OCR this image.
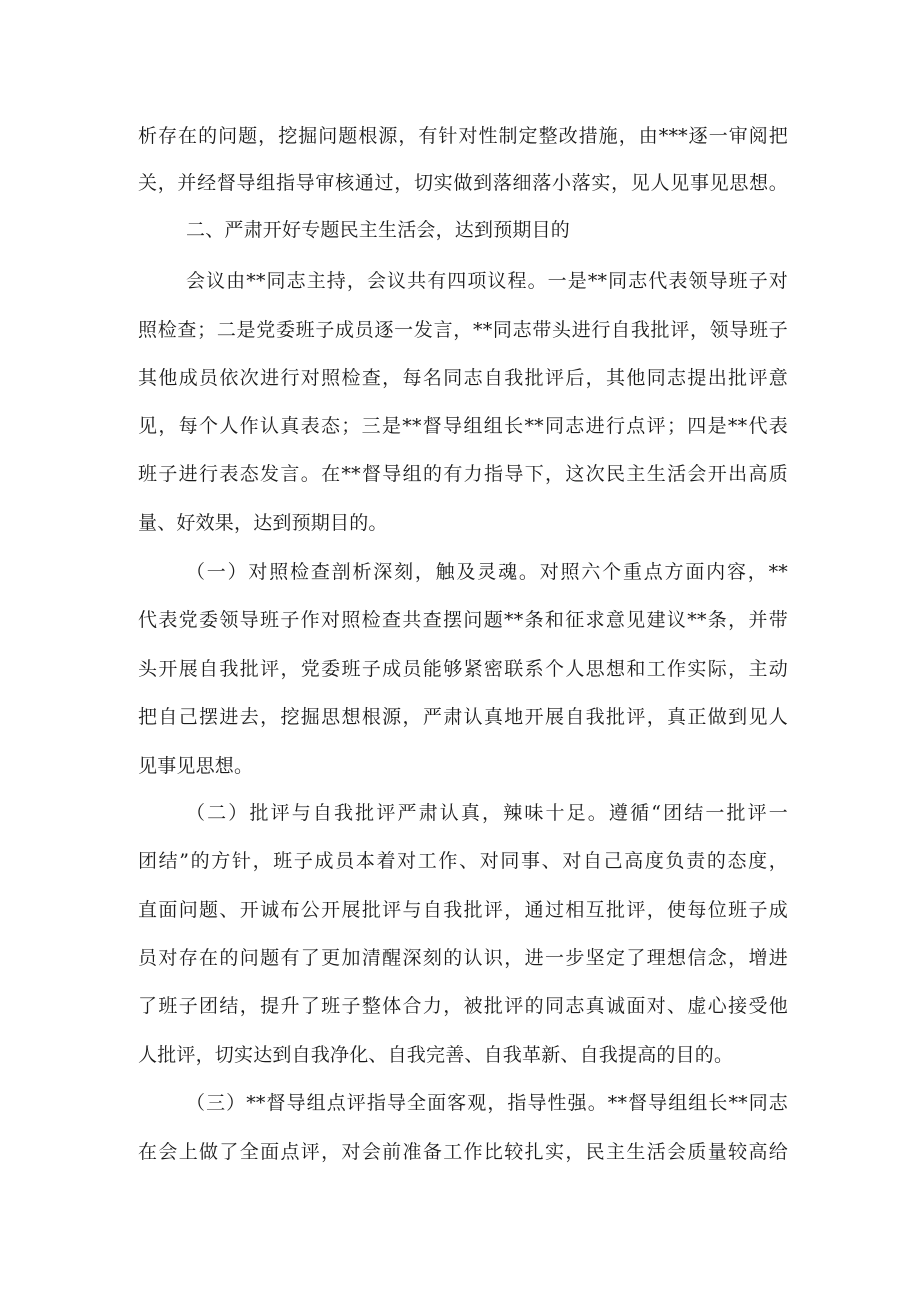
析存在的问题，挖掘问题根源，有针对性制定整改措施，由***逐一审阅把
关，并经督导组指导审核通过，切实做到落细落小落实，见人见事见思想。
二、严肃开好专题民主生活会，达到预期目的
会议由**同志主持，会议共有四项议程。一是**同志代表领导班子对
照检查；二是党委班子成员逐一发言，**同志带头进行自我批评，领导班子
其他成员依次进行对照检查，每名同志自我批评后，其他同志提出批评意
见，每个人作认真表态；三是**督导组组长**同志进行点评；四是**代表
班子进行表态发言。在**督导组的有力指导下，这次民主生活会开出高质
量、好效果，达到预期目的。
（一）对照检查剖析深刻，触及灵魂。对照六个重点方面内容，**
代表党委领导班子作对照检查共查摆问题**条和征求意见建议**条，并带
头开展自我批评，党委班子成员能够紧密联系个人思想和工作实际，主动
把自己摆进去，挖掘思想根源，严肃认真地开展自我批评，真正做到见人
见事见思想。
（二）批评与自我批评严肃认真，辣味十足。遵循“团结一批评一
团结”的方针，班子成员本着对工作、对同事、对自己高度负责的态度，
直面问题、开诚布公开展批评与自我批评，通过相互批评，使每位班子成
员对存在的问题有了更加清醒深刻的认识，进一步坚定了理想信念，增进
了班子团结，提升了班子整体合力，被批评的同志真诚面对、虚心接受他
人批评，切实达到自我净化、自我完善、自我革新、自我提高的目的。
（三）**督导组点评指导全面客观，指导性强。**督导组组长**同志
在会上做了全面点评，对会前准备工作比较扎实，民主生活会质量较高给
